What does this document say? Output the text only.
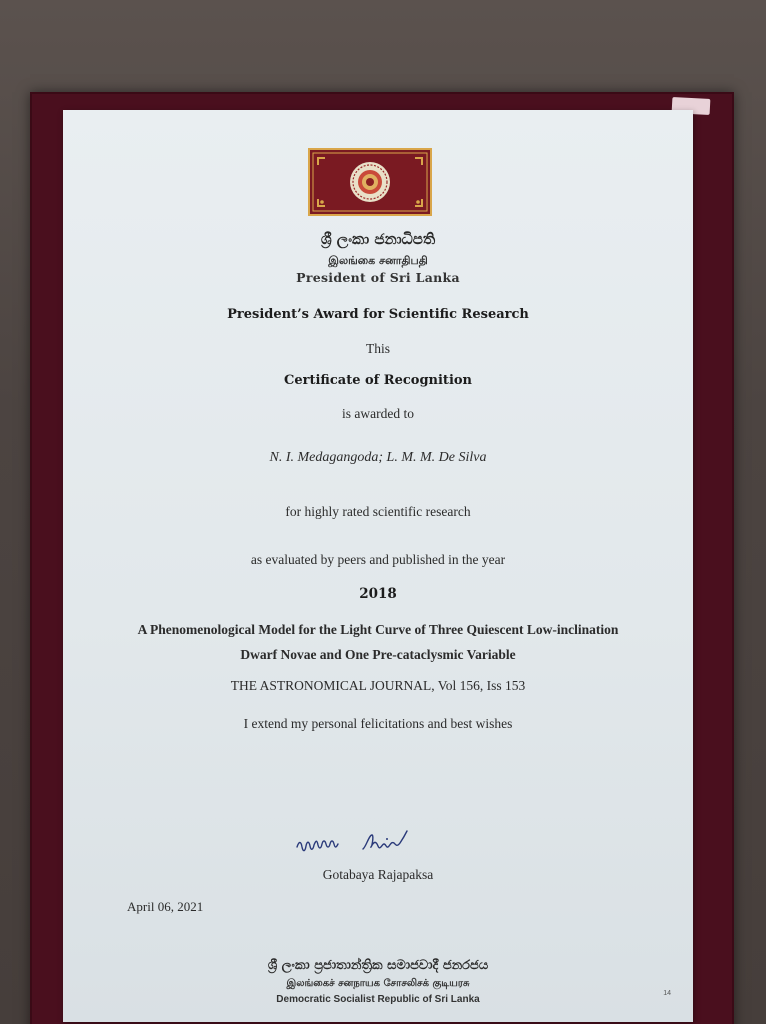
ශ්‍රී ලංකා ජනාධිපති
இலங்கை சனாதிபதி
President of Sri Lanka
President’s Award for Scientific Research
This
Certificate of Recognition
is awarded to
N. I. Medagangoda; L. M. M. De Silva
for highly rated scientific research
as evaluated by peers and published in the year
2018
A Phenomenological Model for the Light Curve of Three Quiescent Low-inclination
Dwarf Novae and One Pre-cataclysmic Variable
THE ASTRONOMICAL JOURNAL, Vol 156, Iss 153
I extend my personal felicitations and best wishes
Gotabaya Rajapaksa
April 06, 2021
ශ්‍රී ලංකා ප්‍රජාතාන්ත්‍රික සමාජවාදී ජනරජය
இலங்கைச் சனநாயக சோசலிசக் குடியரசு
Democratic Socialist Republic of Sri Lanka
14
